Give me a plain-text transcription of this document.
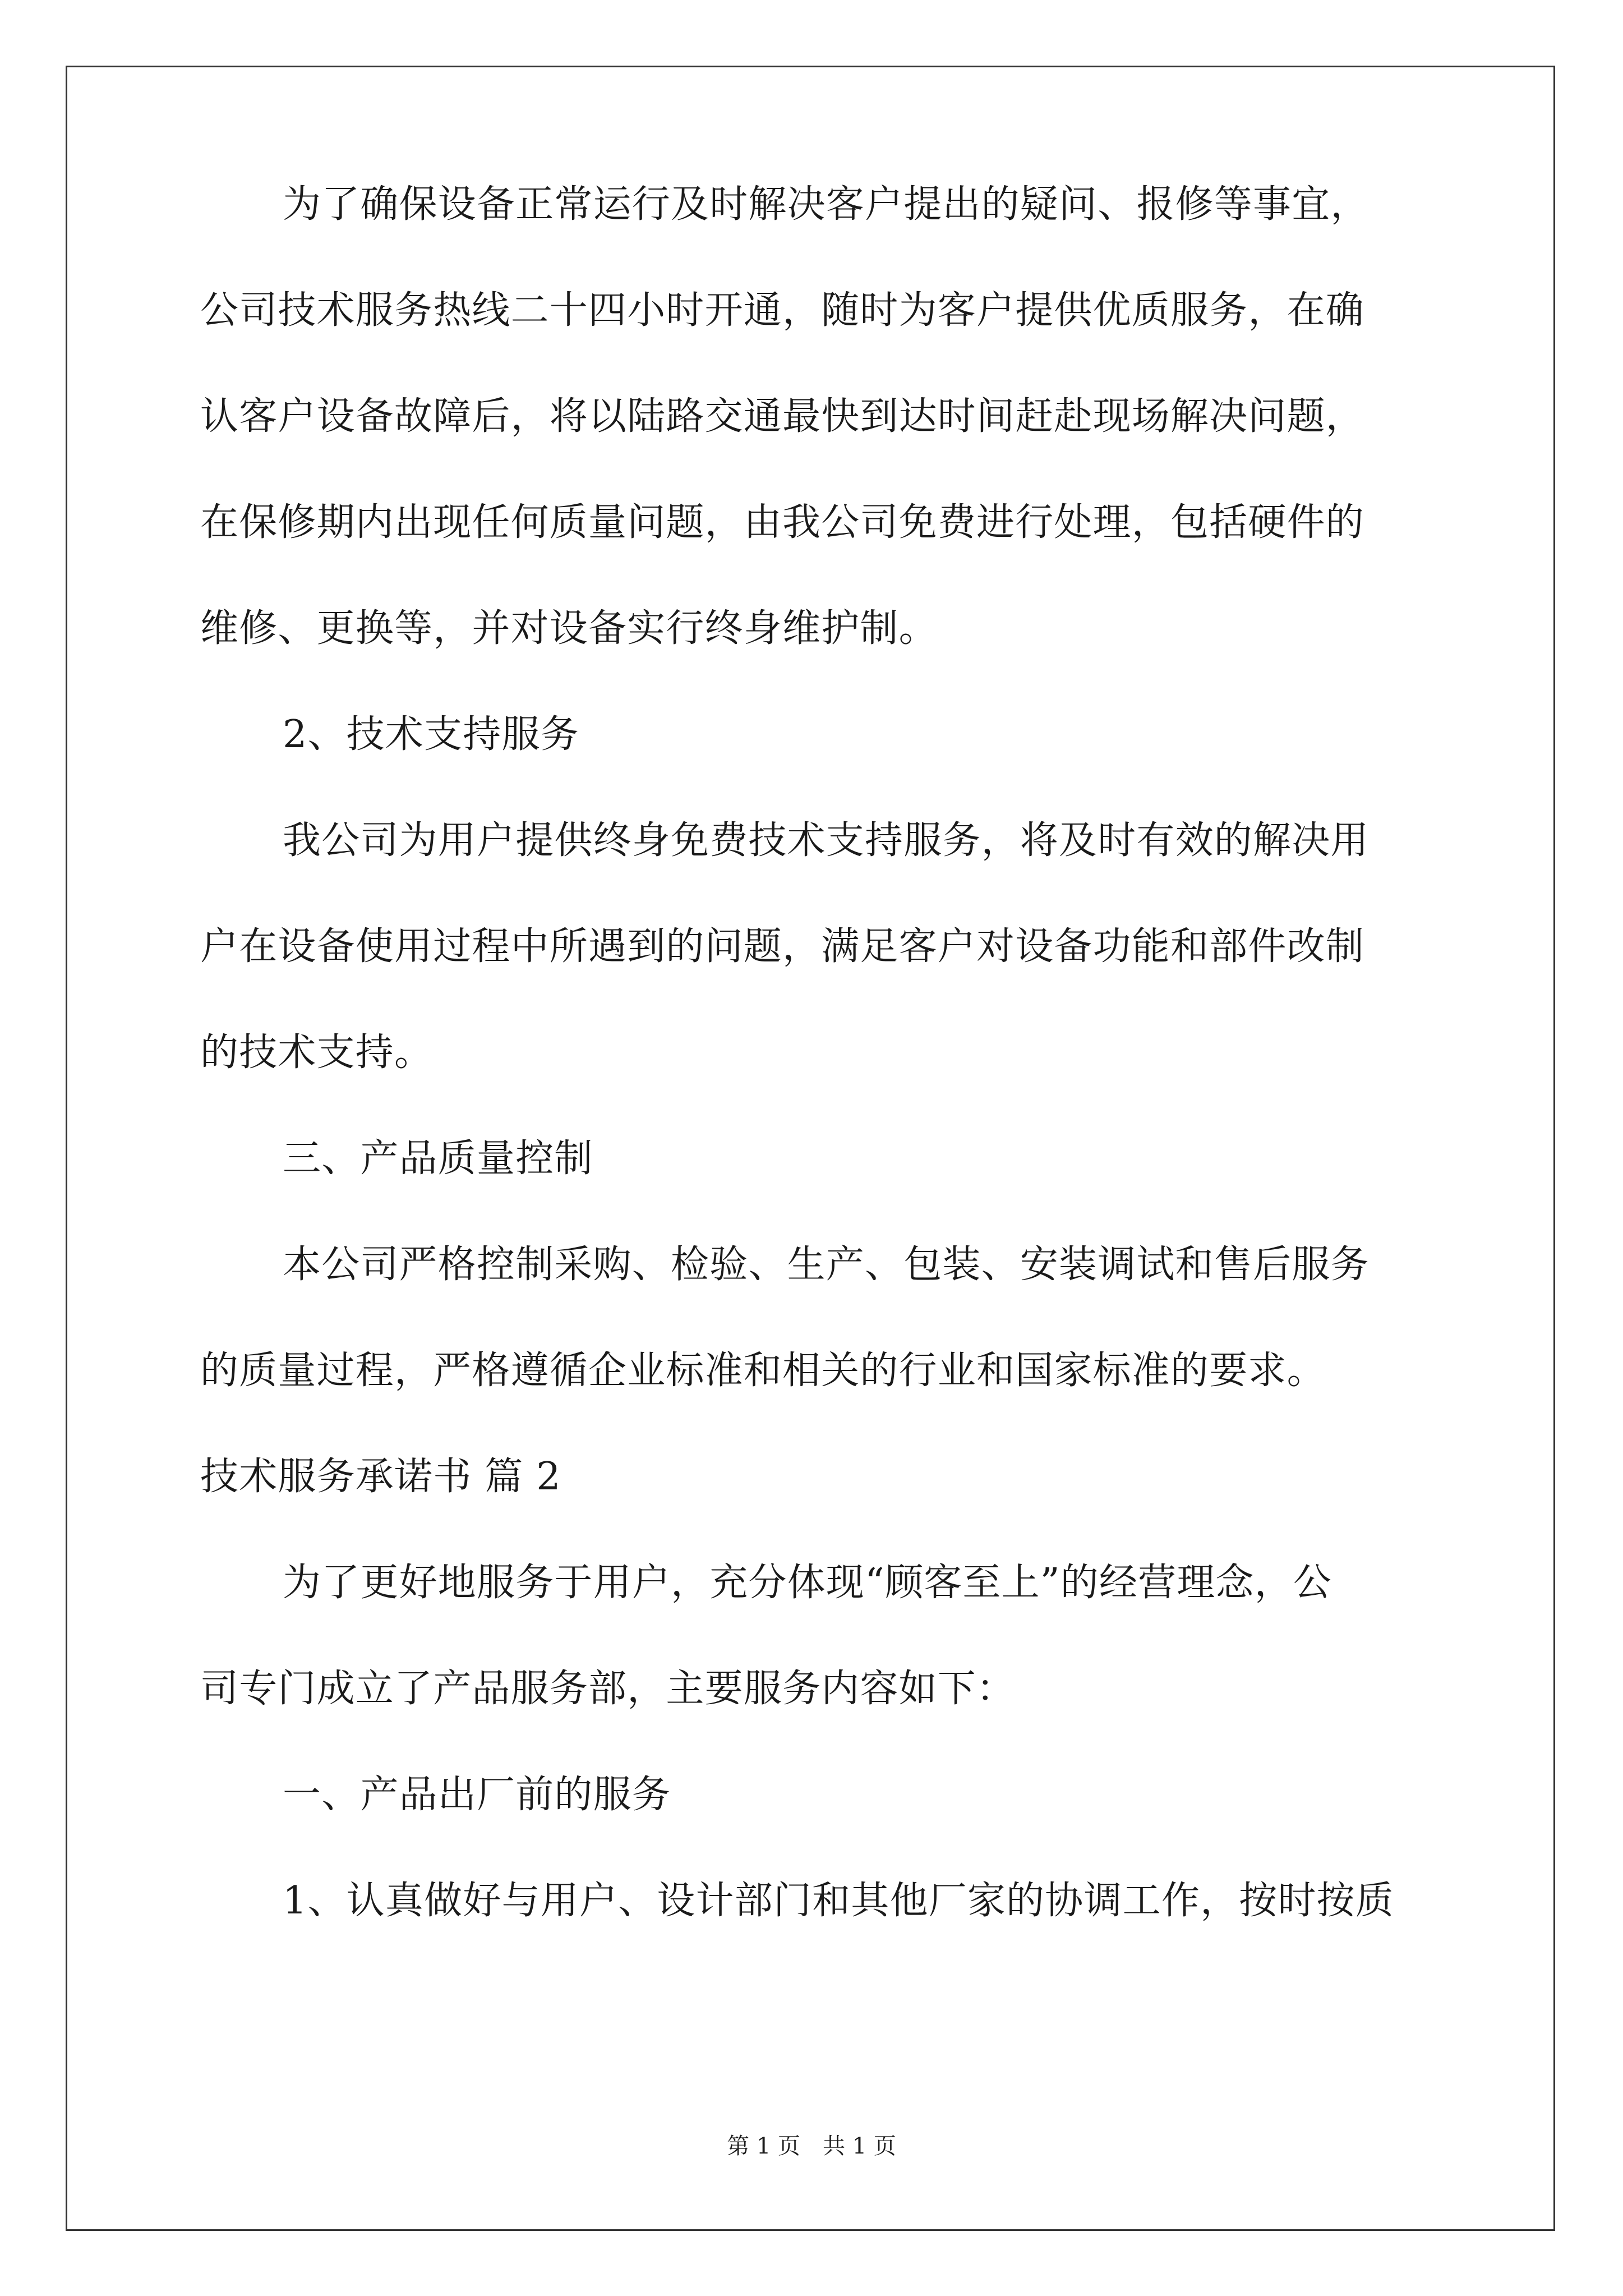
为了确保设备正常运行及时解决客户提出的疑问、报修等事宜，
公司技术服务热线二十四小时开通，随时为客户提供优质服务，在确
认客户设备故障后，将以陆路交通最快到达时间赶赴现场解决问题，
在保修期内出现任何质量问题，由我公司免费进行处理，包括硬件的
维修、更换等，并对设备实行终身维护制。
2、技术支持服务
我公司为用户提供终身免费技术支持服务，将及时有效的解决用
户在设备使用过程中所遇到的问题，满足客户对设备功能和部件改制
的技术支持。
三、产品质量控制
本公司严格控制采购、检验、生产、包装、安装调试和售后服务
的质量过程，严格遵循企业标准和相关的行业和国家标准的要求。
技术服务承诺书 篇 2
为了更好地服务于用户，充分体现“顾客至上”的经营理念，公
司专门成立了产品服务部，主要服务内容如下：
一、产品出厂前的服务
1、认真做好与用户、设计部门和其他厂家的协调工作，按时按质
第 1 页　共 1 页
